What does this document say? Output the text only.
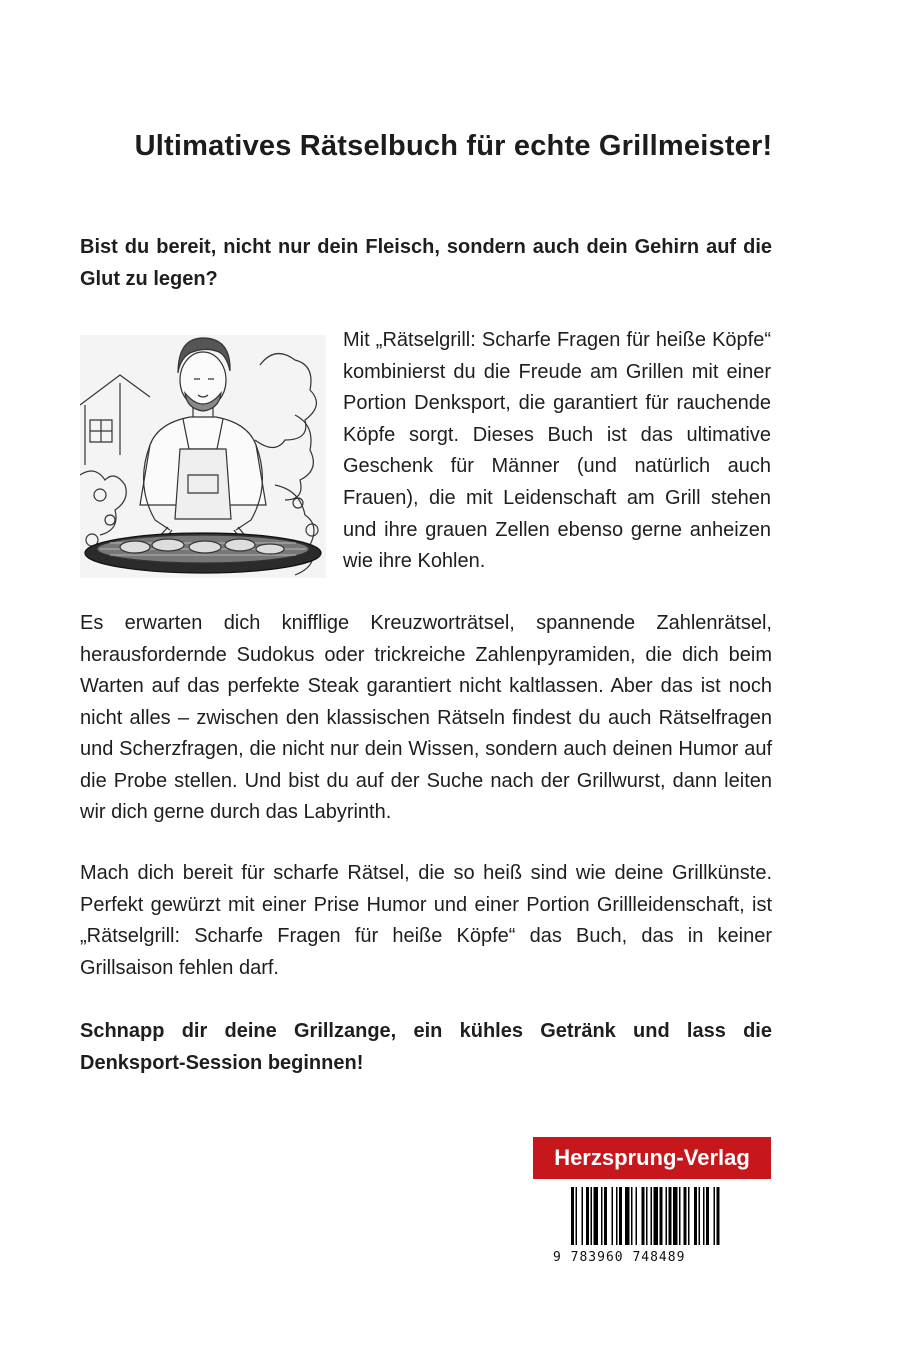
Ultimatives Rätselbuch für echte Grillmeister!

Bist du bereit, nicht nur dein Fleisch, sondern auch dein Gehirn auf die Glut zu legen?

Mit „Rätselgrill: Scharfe Fragen für heiße Köpfe“ kombinierst du die Freude am Grillen mit einer Portion Denksport, die garantiert für rauchende Köpfe sorgt. Dieses Buch ist das ultimative Geschenk für Männer (und natürlich auch Frauen), die mit Leidenschaft am Grill stehen und ihre grauen Zellen ebenso gerne anheizen wie ihre Kohlen.

Es erwarten dich knifflige Kreuzworträtsel, spannende Zahlenrätsel, herausfordernde Sudokus oder trickreiche Zahlenpyramiden, die dich beim Warten auf das perfekte Steak garantiert nicht kaltlassen. Aber das ist noch nicht alles – zwischen den klassischen Rätseln findest du auch Rätselfragen und Scherzfragen, die nicht nur dein Wissen, sondern auch deinen Humor auf die Probe stellen. Und bist du auf der Suche nach der Grillwurst, dann leiten wir dich gerne durch das Labyrinth.

Mach dich bereit für scharfe Rätsel, die so heiß sind wie deine Grillkünste. Perfekt gewürzt mit einer Prise Humor und einer Portion Grillleidenschaft, ist „Rätselgrill: Scharfe Fragen für heiße Köpfe“ das Buch, das in keiner Grillsaison fehlen darf.

Schnapp dir deine Grillzange, ein kühles Getränk und lass die Denksport-Session beginnen!

Herzsprung-Verlag
9 783960 748489
